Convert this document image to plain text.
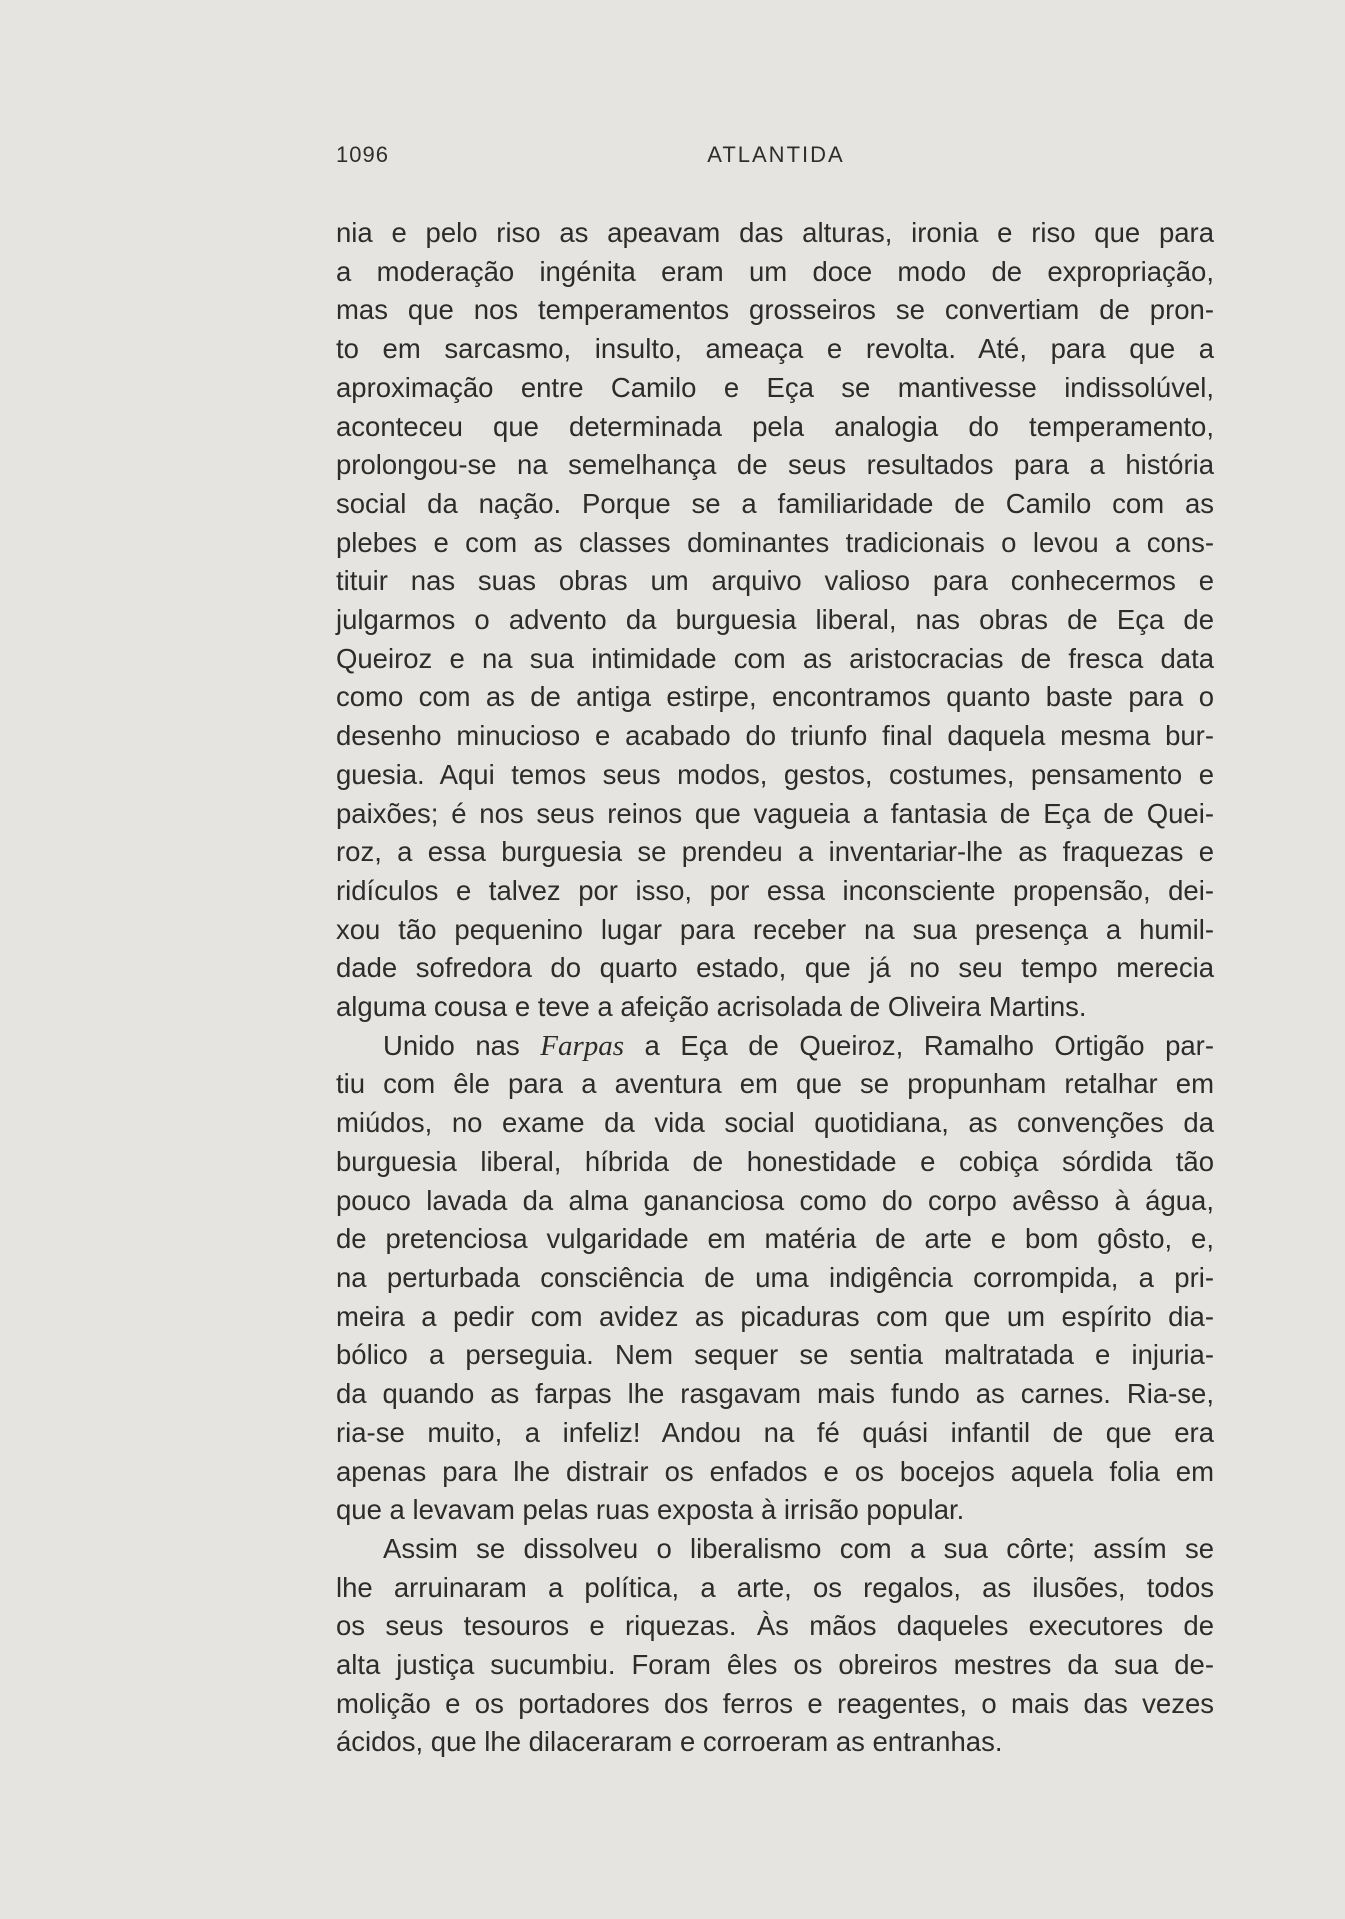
1096	ATLANTIDA
nia e pelo riso as apeavam das alturas, ironia e riso que para
a moderação ingénita eram um doce modo de expropriação,
mas que nos temperamentos grosseiros se convertiam de pron-
to em sarcasmo, insulto, ameaça e revolta. Até, para que a
aproximação entre Camilo e Eça se mantivesse indissolúvel,
aconteceu que determinada pela analogia do temperamento,
prolongou-se na semelhança de seus resultados para a história
social da nação. Porque se a familiaridade de Camilo com as
plebes e com as classes dominantes tradicionais o levou a cons-
tituir nas suas obras um arquivo valioso para conhecermos e
julgarmos o advento da burguesia liberal, nas obras de Eça de
Queiroz e na sua intimidade com as aristocracias de fresca data
como com as de antiga estirpe, encontramos quanto baste para o
desenho minucioso e acabado do triunfo final daquela mesma bur-
guesia. Aqui temos seus modos, gestos, costumes, pensamento e
paixões; é nos seus reinos que vagueia a fantasia de Eça de Quei-
roz, a essa burguesia se prendeu a inventariar-lhe as fraquezas e
ridículos e talvez por isso, por essa inconsciente propensão, dei-
xou tão pequenino lugar para receber na sua presença a humil-
dade sofredora do quarto estado, que já no seu tempo merecia
alguma cousa e teve a afeição acrisolada de Oliveira Martins.
Unido nas Farpas a Eça de Queiroz, Ramalho Ortigão par-
tiu com êle para a aventura em que se propunham retalhar em
miúdos, no exame da vida social quotidiana, as convenções da
burguesia liberal, híbrida de honestidade e cobiça sórdida tão
pouco lavada da alma gananciosa como do corpo avêsso à água,
de pretenciosa vulgaridade em matéria de arte e bom gôsto, e,
na perturbada consciência de uma indigência corrompida, a pri-
meira a pedir com avidez as picaduras com que um espírito dia-
bólico a perseguia. Nem sequer se sentia maltratada e injuria-
da quando as farpas lhe rasgavam mais fundo as carnes. Ria-se,
ria-se muito, a infeliz! Andou na fé quási infantil de que era
apenas para lhe distrair os enfados e os bocejos aquela folia em
que a levavam pelas ruas exposta à irrisão popular.
Assim se dissolveu o liberalismo com a sua côrte; assím se
lhe arruinaram a política, a arte, os regalos, as ilusões, todos
os seus tesouros e riquezas. Às mãos daqueles executores de
alta justiça sucumbiu. Foram êles os obreiros mestres da sua de-
molição e os portadores dos ferros e reagentes, o mais das vezes
ácidos, que lhe dilaceraram e corroeram as entranhas.
